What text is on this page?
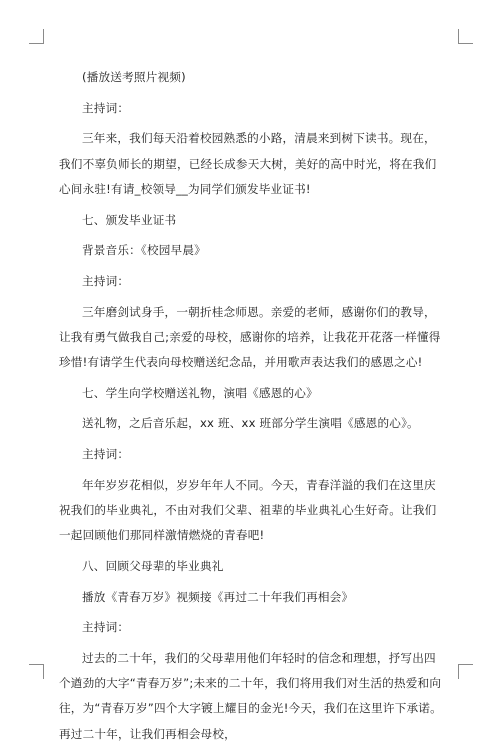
(播放送考照片视频)

主持词：

三年来，我们每天沿着校园熟悉的小路，清晨来到树下读书。现在，我们不辜负师长的期望，已经长成参天大树，美好的高中时光，将在我们心间永驻!有请_校领导__为同学们颁发毕业证书!

七、颁发毕业证书

背景音乐：《校园早晨》

主持词：

三年磨剑试身手，一朝折桂念师恩。亲爱的老师，感谢你们的教导，让我有勇气做我自己;亲爱的母校，感谢你的培养，让我花开花落一样懂得珍惜!有请学生代表向母校赠送纪念品，并用歌声表达我们的感恩之心!

七、学生向学校赠送礼物，演唱《感恩的心》

送礼物，之后音乐起，xx 班、xx 班部分学生演唱《感恩的心》。

主持词：

年年岁岁花相似，岁岁年年人不同。今天，青春洋溢的我们在这里庆祝我们的毕业典礼，不由对我们父辈、祖辈的毕业典礼心生好奇。让我们一起回顾他们那同样激情燃烧的青春吧!

八、回顾父母辈的毕业典礼

播放《青春万岁》视频接《再过二十年我们再相会》

主持词：

过去的二十年，我们的父母辈用他们年轻时的信念和理想，抒写出四个遒劲的大字“青春万岁”;未来的二十年，我们将用我们对生活的热爱和向往，为“青春万岁”四个大字镀上耀目的金光!今天，我们在这里许下承诺。再过二十年，让我们再相会母校，
